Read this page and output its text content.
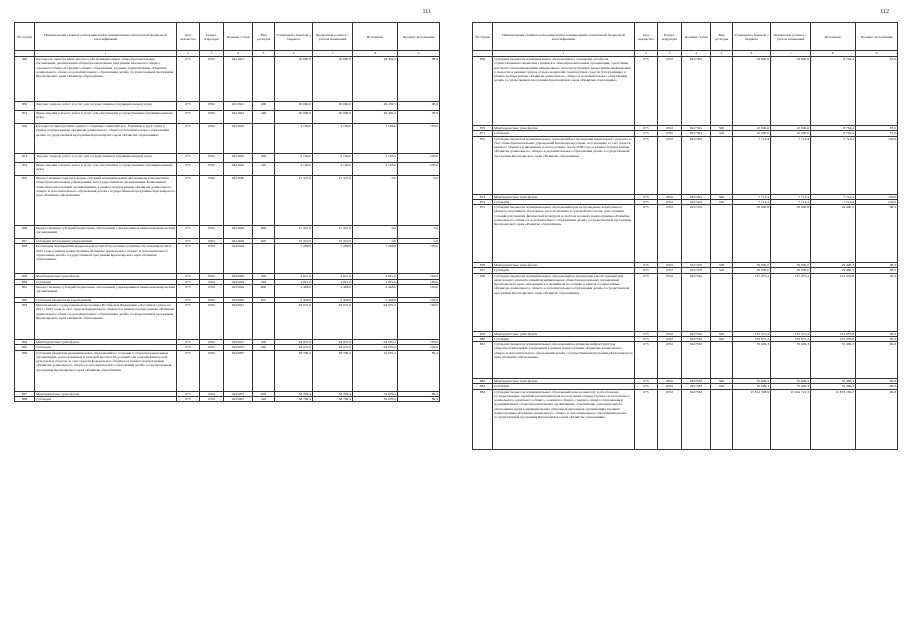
111
№ строки	Наименование главных распорядителей и наименование показателей бюджетной классификации	Код ведомства	Раздел-подраздел	Целевая статья	Вид расходов	Утверждено Законом о бюджете	Бюджетная роспись с учетом изменений	Исполнено	Процент исполнения
	1	2	3	4	5	6	7	8	9
849	Расходы на приобретение автобуса для муниципальных общеобразовательных организаций, реализующих общеобразовательные программы начального общего, основного общего и среднего общего образования, в рамках подпрограммы «Развитие дошкольного, общего и дополнительного образования детей» государственной программы Красноярского края «Развитие образования»	075	0702	0221601		50 000,0	50 000,0	49 459,5	98,9
850	Закупка товаров, работ и услуг для государственных (муниципальных) нужд	075	0702	0221601	200	50 000,0	50 000,0	49 459,5	98,9
851	Иные закупки товаров, работ и услуг для обеспечения государственных (муниципальных) нужд	075	0702	0221601	240	50 000,0	50 000,0	49 459,5	98,9
852	Расходы на приобретение единого собрания сочинений А.С. Пушкина в двух томах в рамках подпрограммы «Развитие дошкольного, общего и дополнительного образования детей» государственной программы Красноярского края «Развитие образования»	075	0702	0221602		2 166,0	2 166,0	2 166,0	100,0
853	Закупка товаров, работ и услуг для государственных (муниципальных) нужд	075	0702	0221602	200	2 166,0	2 166,0	2 166,0	100,0
854	Иные закупки товаров, работ и услуг для обеспечения государственных (муниципальных) нужд	075	0702	0221602	240	2 166,0	2 166,0	2 166,0	100,0
855	Предоставление грантов в форме субсидий муниципальным автономным и бюджетным общеобразовательным учреждениям, негосударственным организациям, являющимся общеобразовательными организациями, в рамках подпрограммы «Развитие дошкольного, общего и дополнительного образования детей» государственной программы Красноярского края «Развитие образования»	075	0702	0221640		15 341,0	15 341,0	0,0	0,0
856	Предоставление субсидий бюджетным, автономным учреждениям и иным некоммерческим организациям	075	0702	0221640	600	15 341,0	15 341,0	0,0	0,0
857	Субсидии автономным учреждениям	075	0702	0221640	620	15 341,0	15 341,0	0,0	0,0
858	Реализация мероприятий федеральной целевой программы развития образования на 2011 - 2015 годы в рамках подпрограммы «Развитие дошкольного, общего и дополнительного образования детей» государственной программы Красноярского края «Развитие образования»	075	0702	0225026		7 269,0	7 269,0	7 269,0	100,0
859	Межбюджетные трансферты	075	0702	0225026	500	4 821,0	4 821,0	4 821,0	100,0
860	Субсидии	075	0702	0225026	520	4 821,0	4 821,0	4 821,0	100,0
861	Предоставление субсидий бюджетным, автономным учреждениям и иным некоммерческим организациям	075	0702	0225026	600	2 448,0	2 448,0	2 448,0	100,0
862	Субсидии бюджетным учреждениям	075	0702	0225026	610	2 448,0	2 448,0	2 448,0	100,0
863	Мероприятия государственной программы Российской Федерации «Доступная среда» на 2011 - 2015 годы за счет средств федерального бюджета в рамках подпрограммы «Развитие дошкольного, общего и дополнительного образования детей» государственной программы Красноярского края «Развитие образования»	075	0702	0225027		94 972,0	94 972,0	94 970,2	100,0
864	Межбюджетные трансферты	075	0702	0225027	500	94 972,0	94 972,0	94 970,2	100,0
865	Субсидии	075	0702	0225027	520	94 972,0	94 972,0	94 970,2	100,0
866	Субсидии бюджетам муниципальных образований на создание в общеобразовательных организациях, расположенных в сельской местности, условий для занятий физической культурой и спортом за счет средств федерального бюджета в рамках подпрограммы «Развитие дошкольного, общего и дополнительного образования детей» государственной программы Красноярского края «Развитие образования»	075	0702	0225097		38 790,4	38 790,4	34 676,2	89,4
867	Межбюджетные трансферты	075	0702	0225097	500	38 790,4	38 790,4	34 676,2	89,4
868	Субсидии	075	0702	0225097	520	38 790,4	38 790,4	34 676,2	89,4
112
№ строки	Наименование главных распорядителей и наименование показателей бюджетной классификации	Код ведомства	Раздел-подраздел	Целевая статья	Вид расходов	Утверждено Законом о бюджете	Бюджетная роспись с учетом изменений	Исполнено	Процент исполнения
	1	2	3	4	5	6	7	8	9
869	Субсидии бюджетам муниципальных образований на оснащение автобусов, осуществляющих перевозки учащихся в общеобразовательные организации, средствами контроля, обеспечивающими непрерывную, непосредственную регистрацию информации о скорости и режиме труда и отдыха водителей транспортных средств (тахографами), в рамках подпрограммы «Развитие дошкольного, общего и дополнительного образования детей» государственной программы Красноярского края «Развитие образования»	075	0702	0227391		10 000,0	10 000,0	8 764,4	87,6
870	Межбюджетные трансферты	075	0702	0227391	500	10 000,0	10 000,0	8 764,4	87,6
871	Субсидии	075	0702	0227391	520	10 000,0	10 000,0	8 764,4	87,6
872	Субсидии бюджетам муниципальных образований на проведение капитального ремонта за счет общеобразовательных учреждений Красноярского края, построенных за счет средств краевого бюджета и введенных в эксплуатацию после 2009 года, в рамках подпрограммы «Развитие дошкольного, общего и дополнительного образования детей» государственной программы Красноярского края «Развитие образования»	075	0702	0227423		7 714,4	7 714,4	7 714,4	100,0
873	Межбюджетные трансферты	075	0702	0227423	500	7 714,4	7 714,4	7 714,4	100,0
874	Субсидии	075	0702	0227423	520	7 714,4	7 714,4	7 714,4	100,0
875	Субсидии бюджетам муниципальных образований края на проведение капитального ремонта спортивных залов школ, расположенных в сельской местности, для создания условий для занятий физической культурой и спортом в рамках подпрограммы «Развитие дошкольного, общего и дополнительного образования детей» государственной программы Красноярского края «Развитие образования»	075	0702	0227470		30 000,0	30 000,0	29 490,3	98,3
876	Межбюджетные трансферты	075	0702	0227470	500	30 000,0	30 000,0	29 490,3	98,3
877	Субсидии	075	0702	0227470	520	30 000,0	30 000,0	29 490,3	98,3
878	Субсидии бюджетам муниципальных образований на проведение реконструкции или капитального ремонта зданий муниципальных общеобразовательных организаций Красноярского края, находящихся в аварийном состоянии, в рамках подпрограммы «Развитие дошкольного, общего и дополнительного образования детей» государственной программы Красноярского края «Развитие образования»	075	0702	0227562		167 075,4	167 075,4	161 033,8	96,4
879	Межбюджетные трансферты	075	0702	0227562	500	167 075,4	167 075,4	161 033,8	96,4
880	Субсидии	075	0702	0227562	520	167 075,4	167 075,4	161 033,8	96,4
881	Субсидии бюджетам муниципальных образований на развитие инфраструктуры общеобразовательных учреждений в рамках подпрограммы «Развитие дошкольного, общего и дополнительного образования детей» государственной программы Красноярского края «Развитие образования»	075	0702	0227563		35 649,3	35 649,3	35 499,3	99,6
882	Межбюджетные трансферты	075	0702	0227563	500	35 649,3	35 649,3	35 499,3	99,6
883	Субсидии	075	0702	0227563	520	35 649,3	35 649,3	35 499,3	99,6
884	Субсидии бюджетам муниципальных образований края на выплату и обеспечение государственных гарантий реализации прав на получение общедоступного и бесплатного дошкольного, начального общего, основного общего, среднего общего образования в муниципальных общеобразовательных организациях, обеспечение дополнительного образования детей в муниципальных общеобразовательных организациях в рамках подпрограммы «Развитие дошкольного, общего и дополнительного образования детей» государственной программы Красноярского края «Развитие образования»	075	0702	0227564		15 814 308,9	15 904 722,3	15 879 109,2	99,8
